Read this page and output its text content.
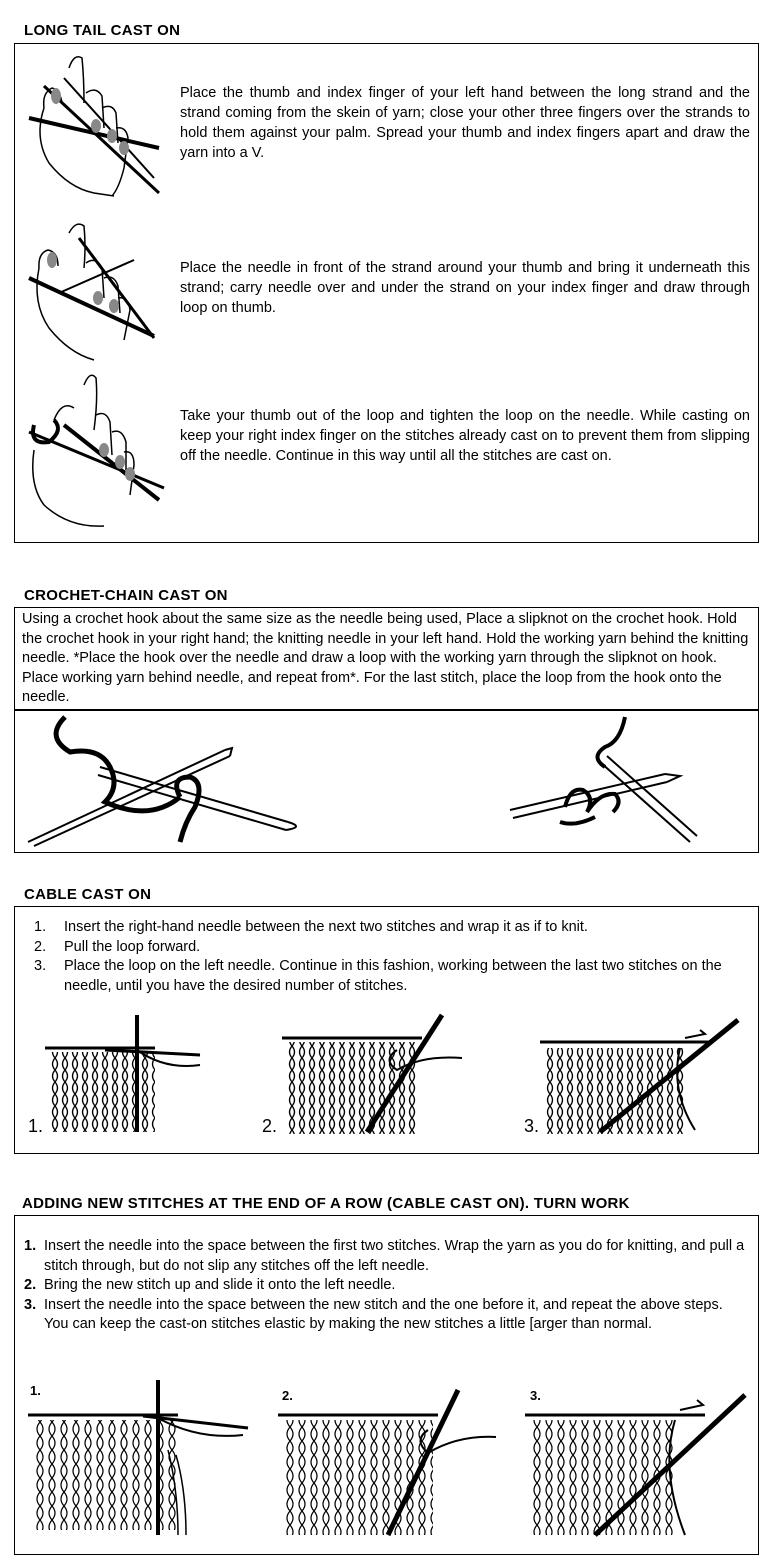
LONG TAIL CAST ON
Place the thumb and index finger of your left hand between the long strand and the strand coming from the skein of yarn; close your other three fingers over the strands to hold them against your palm. Spread your thumb and index fingers apart and draw the yarn into a V.
Place the needle in front of the strand around your thumb and bring it underneath this strand; carry needle over and under the strand on your index finger and draw through loop on thumb.
Take your thumb out of the loop and tighten the loop on the needle. While casting on keep your right index finger on the stitches already cast on to prevent them from slipping off the needle. Continue in this way until all the stitches are cast on.
CROCHET-CHAIN CAST ON
Using a crochet hook about the same size as the needle being used, Place a slipknot on the crochet hook. Hold the crochet hook in your right hand; the knitting needle in your left hand. Hold the working yarn behind the knitting needle. *Place the hook over the needle and draw a loop with the working yarn through the slipknot on hook. Place working yarn behind needle, and repeat from*. For the last stitch, place the loop from the hook onto the needle.
CABLE CAST ON
1. Insert the right-hand needle between the next two stitches and wrap it as if to knit.
2. Pull the loop forward.
3. Place the loop on the left needle. Continue in this fashion, working between the last two stitches on the needle, until you have the desired number of stitches.
1.	2.	3.
ADDING NEW STITCHES AT THE END OF A ROW (CABLE CAST ON). TURN WORK
1. Insert the needle into the space between the first two stitches. Wrap the yarn as you do for knitting, and pull a stitch through, but do not slip any stitches off the left needle.
2. Bring the new stitch up and slide it onto the left needle.
3. Insert the needle into the space between the new stitch and the one before it, and repeat the above steps. You can keep the cast-on stitches elastic by making the new stitches a little [arger than normal.
1.	2.	3.
